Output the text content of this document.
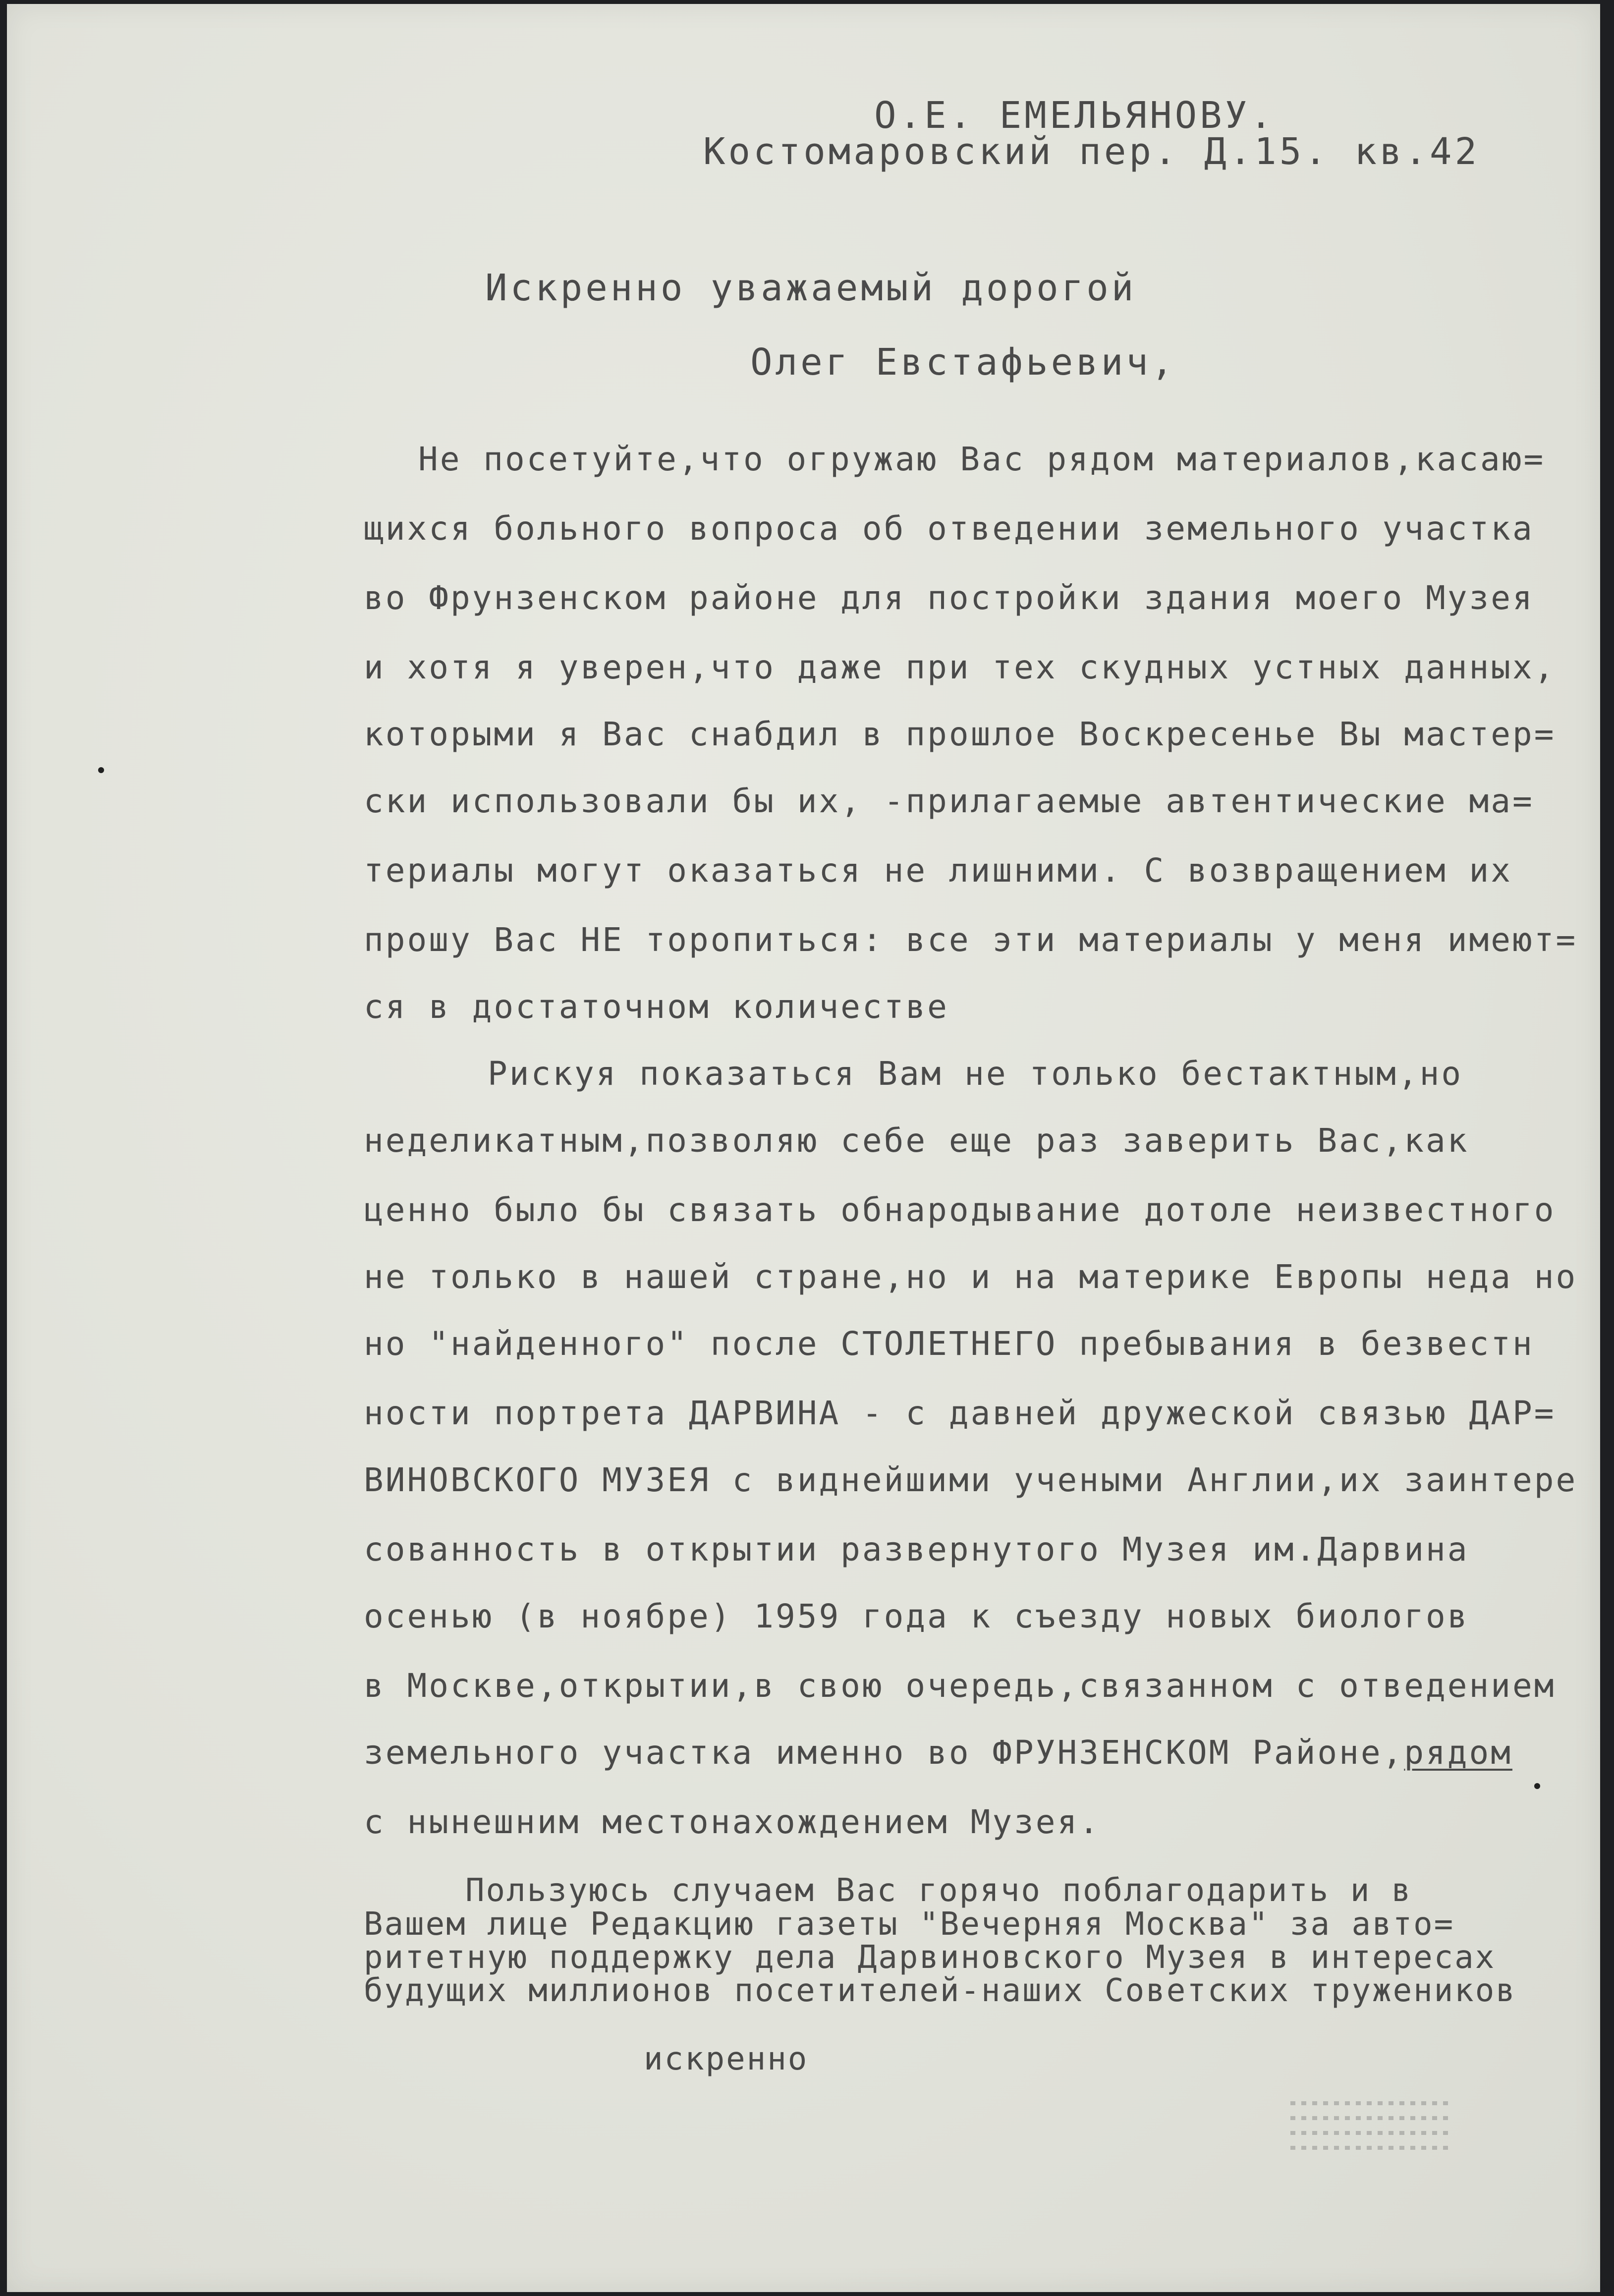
О.Е. ЕМЕЛЬЯНОВУ.
Костомаровский пер. Д.15. кв.42
Искренно уважаемый дорогой
Олег Евстафьевич,
Не посетуйте,что огружаю Вас рядом материалов,касаю=
щихся больного вопроса об отведении земельного участка
во Фрунзенском районе для постройки здания моего Музея
и хотя я уверен,что даже при тех скудных устных данных,
которыми я Вас снабдил в прошлое Воскресенье Вы мастер=
ски использовали бы их, -прилагаемые автентические ма=
териалы могут оказаться не лишними. С возвращением их
прошу Вас НЕ торопиться: все эти материалы у меня имеют=
ся в достаточном количестве
Рискуя показаться Вам не только бестактным,но
неделикатным,позволяю себе еще раз заверить Вас,как
ценно было бы связать обнародывание дотоле неизвестного
не только в нашей стране,но и на материке Европы неда но
но "найденного" после СТОЛЕТНЕГО пребывания в безвестн
ности портрета ДАРВИНА - с давней дружеской связью ДАР=
ВИНОВСКОГО МУЗЕЯ с виднейшими учеными Англии,их заинтере
сованность в открытии развернутого Музея им.Дарвина
осенью (в ноябре) 1959 года к съезду новых биологов
в Москве,открытии,в свою очередь,связанном с отведением
земельного участка именно во ФРУНЗЕНСКОМ Районе,рядом
с нынешним местонахождением Музея.
Пользуюсь случаем Вас горячо поблагодарить и в
Вашем лице Редакцию газеты "Вечерняя Москва" за авто=
ритетную поддержку дела Дарвиновского Музея в интересах
будущих миллионов посетителей-наших Советских тружеников
искренно
